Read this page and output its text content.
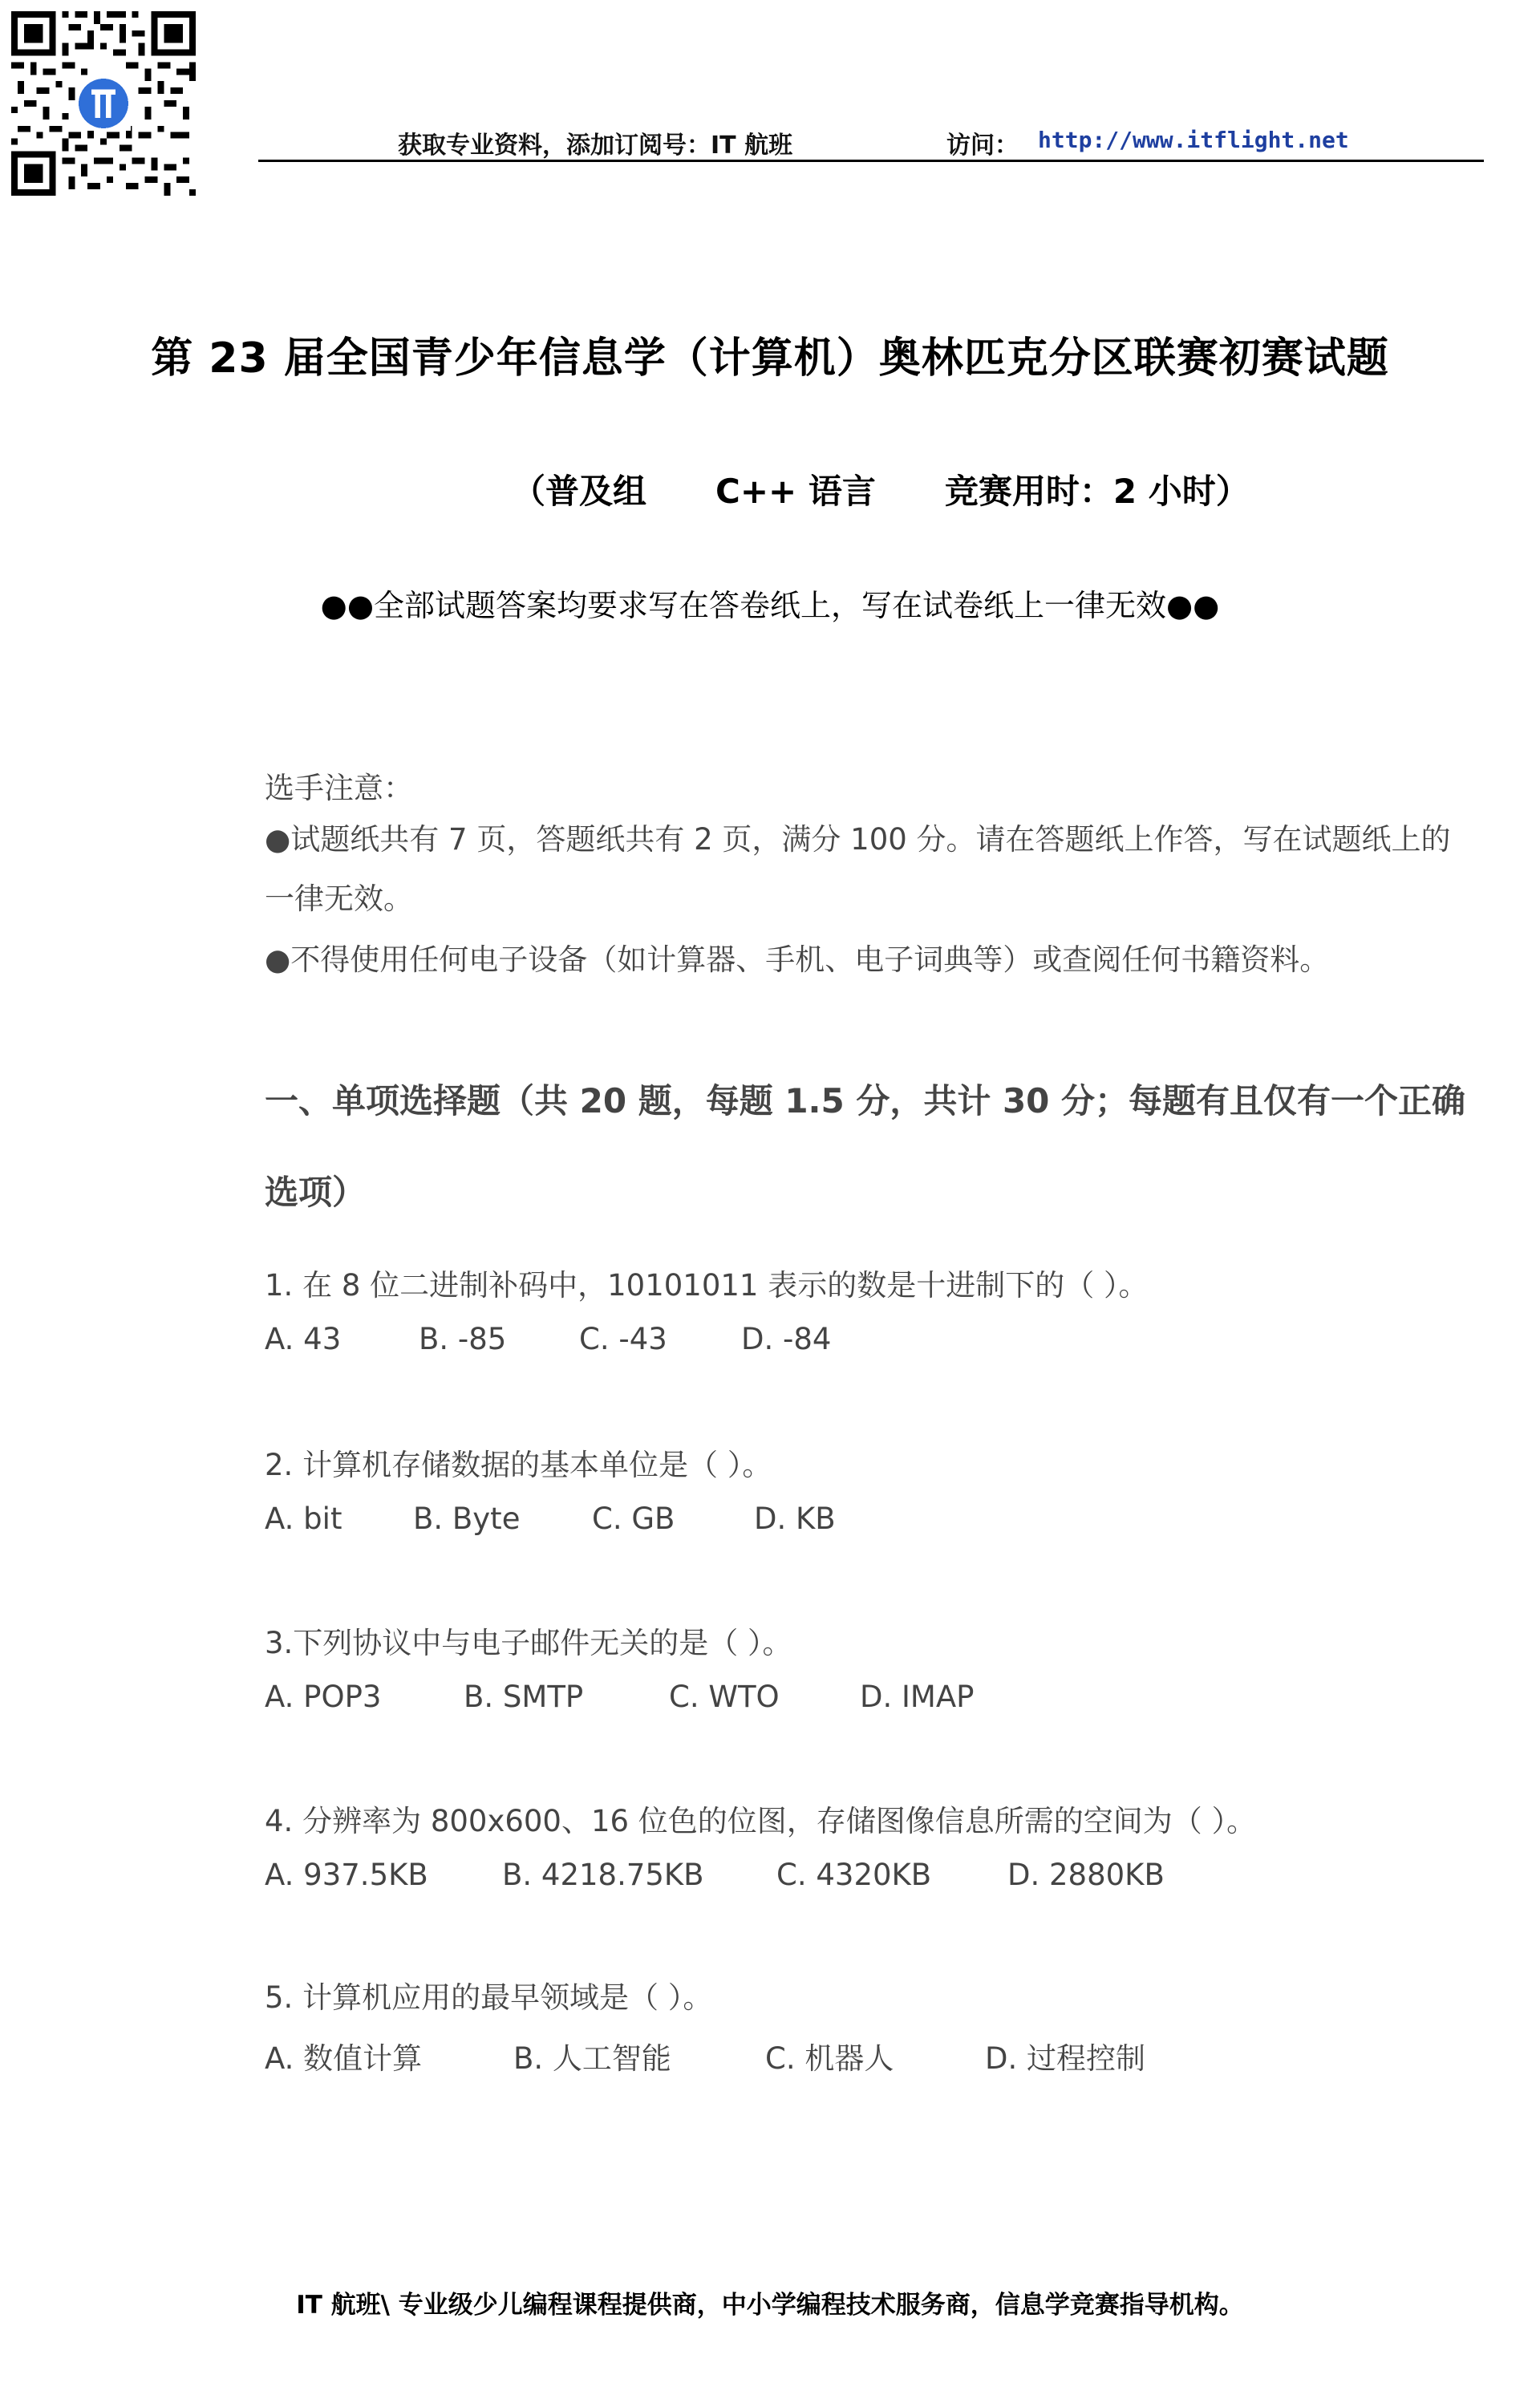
获取专业资料，添加订阅号：IT 航班	访问： http://www.itflight.net
第 23 届全国青少年信息学（计算机）奥林匹克分区联赛初赛试题
（普及组 C++ 语言 竞赛用时：2 小时）
●●全部试题答案均要求写在答卷纸上，写在试卷纸上一律无效●●
选手注意：
●试题纸共有 7 页，答题纸共有 2 页，满分 100 分。请在答题纸上作答，写在试题纸上的一律无效。
●不得使用任何电子设备（如计算器、手机、电子词典等）或查阅任何书籍资料。
一、单项选择题（共 20 题，每题 1.5 分，共计 30 分；每题有且仅有一个正确选项）
1. 在 8 位二进制补码中，10101011 表示的数是十进制下的（ ）。
A. 43	B. -85 C. -43 D. -84
2. 计算机存储数据的基本单位是（ ）。
A. bit B. Byte C. GB	D. KB
3.下列协议中与电子邮件无关的是（ ）。
A. POP3	B. SMTP	C. WTO	D. IMAP
4. 分辨率为 800x600、16 位色的位图，存储图像信息所需的空间为（ ）。
A. 937.5KB B. 4218.75KB C. 4320KB	D. 2880KB
5. 计算机应用的最早领域是（ ）。
A. 数值计算	B. 人工智能	C. 机器人	D. 过程控制
IT 航班\ 专业级少儿编程课程提供商，中小学编程技术服务商，信息学竞赛指导机构。
